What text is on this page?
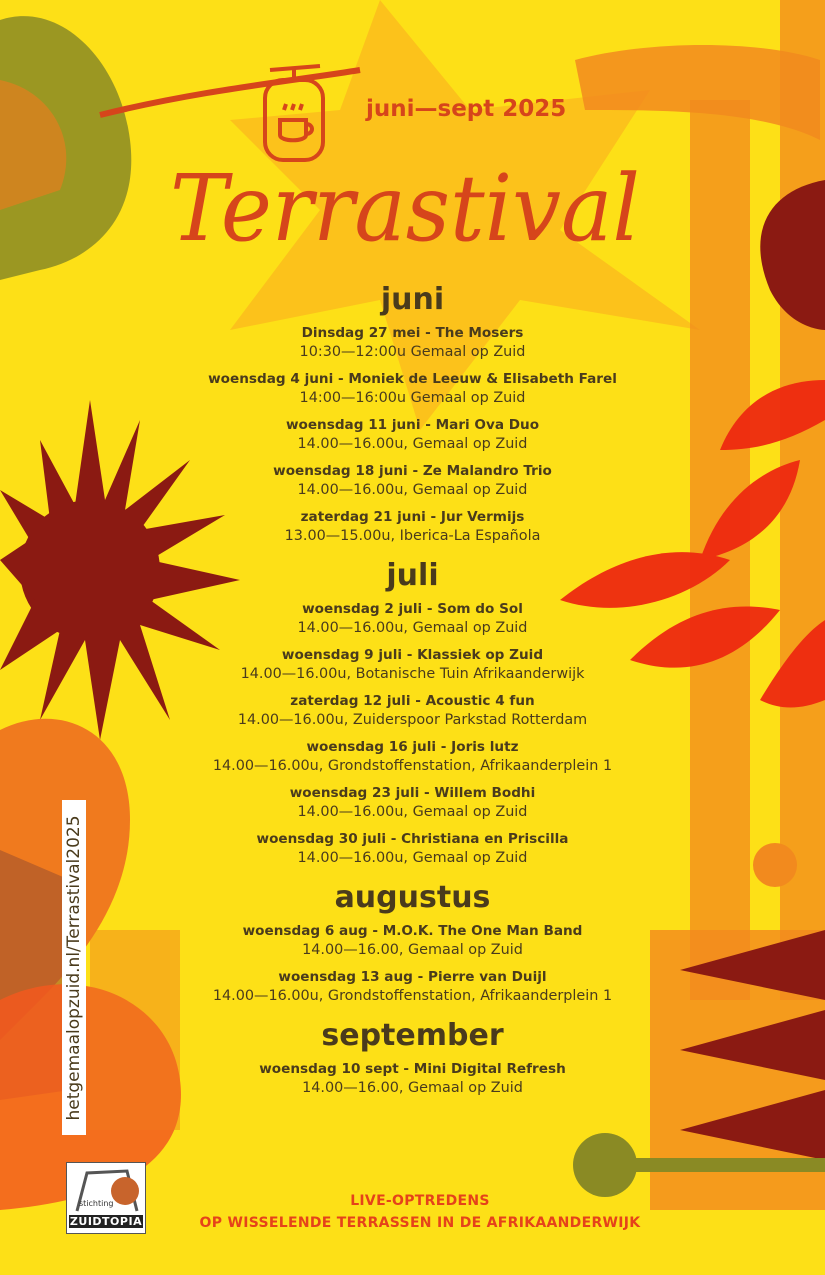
Terrastival
juni—sept 2025
juni
Dinsdag 27 mei - The Mosers
10:30—12:00u Gemaal op Zuid
woensdag 4 juni - Moniek de Leeuw & Elisabeth Farel
14:00—16:00u Gemaal op Zuid
woensdag 11 juni - Mari Ova Duo
14.00—16.00u, Gemaal op Zuid
woensdag 18 juni - Ze Malandro Trio
14.00—16.00u, Gemaal op Zuid
zaterdag 21 juni - Jur Vermijs
13.00—15.00u, Iberica-La Española
juli
woensdag 2 juli - Som do Sol
14.00—16.00u, Gemaal op Zuid
woensdag 9 juli - Klassiek op Zuid
14.00—16.00u, Botanische Tuin Afrikaanderwijk
zaterdag 12 juli - Acoustic 4 fun
14.00—16.00u, Zuiderspoor Parkstad Rotterdam
woensdag 16 juli - Joris lutz
14.00—16.00u, Grondstoffenstation, Afrikaanderplein 1
woensdag 23 juli - Willem Bodhi
14.00—16.00u, Gemaal op Zuid
woensdag 30 juli - Christiana en Priscilla
14.00—16.00u, Gemaal op Zuid
augustus
woensdag 6 aug - M.O.K. The One Man Band
14.00—16.00, Gemaal op Zuid
woensdag 13 aug - Pierre van Duijl
14.00—16.00u, Grondstoffenstation, Afrikaanderplein 1
september
woensdag 10 sept - Mini Digital Refresh
14.00—16.00, Gemaal op Zuid
hetgemaalopzuid.nl/Terrastival2025
stichting
ZUIDTOPIA
LIVE-OPTREDENS
OP WISSELENDE TERRASSEN IN DE AFRIKAANDERWIJK
